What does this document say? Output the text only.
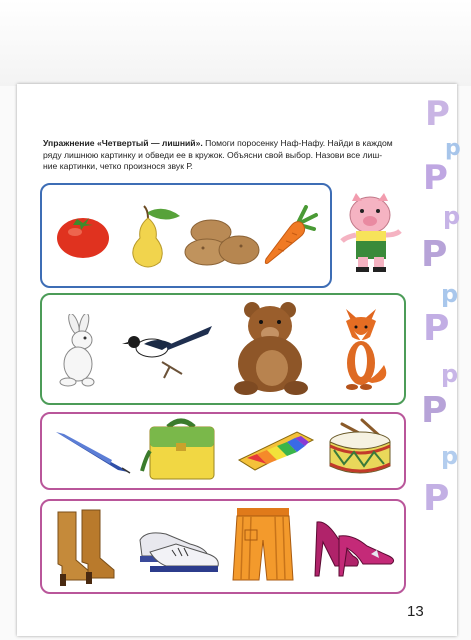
Р
р
Р
р
Р
р
Р
р
Р
р
Р
Упражнение «Четвертый — лишний». Помоги поросенку Наф-Нафу. Найди в каждом
ряду лишнюю картинку и обведи ее в кружок. Объясни свой выбор. Назови все лиш-
ние картинки, четко произнося звук Р.
13
